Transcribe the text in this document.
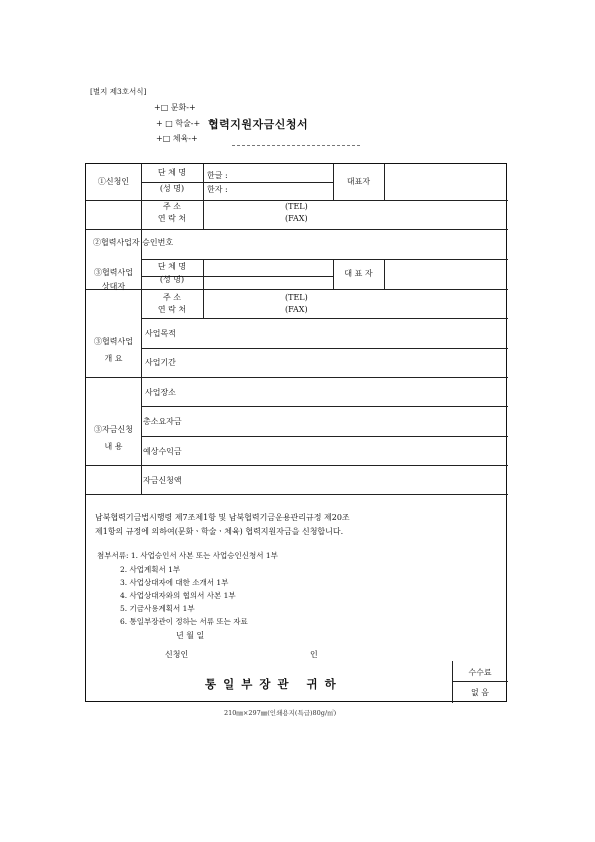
[별지 제3호서식]
+□ 문화-+
+ □ 학술-+
+□ 체육-+
협력지원자금신청서
①신청인
단 체 명
(성 명)
한글 :
한자 :
대표자
주 소
연 락 처
(TEL)
(FAX)
②협력사업자 승인번호
③협력사업
상대자
단 체 명
(성 명)
대 표 자
주 소
연 락 처
(TEL)
(FAX)
③협력사업
개 요
사업목적
사업기간
사업장소
③자금신청
내 용
총소요자금
예상수익금
자금신청액
남북협력기금법시행령 제7조제1항 및 남북협력기금운용관리규정 제20조
제1항의 규정에 의하여(문화ㆍ학술ㆍ체육) 협력지원자금을 신청합니다.
첨부서류: 1. 사업승인서 사본 또는 사업승인신청서 1부
2. 사업계획서 1부
3. 사업상대자에 대한 소개서 1부
4. 사업상대자와의 협의서 사본 1부
5. 기금사용계획서 1부
6. 통일부장관이 정하는 서류 또는 자료
년 월 일
신청인	인
수수료
없 음
통일부장관 귀하
210㎜×297㎜(인쇄용지(특급)80g/㎡)
